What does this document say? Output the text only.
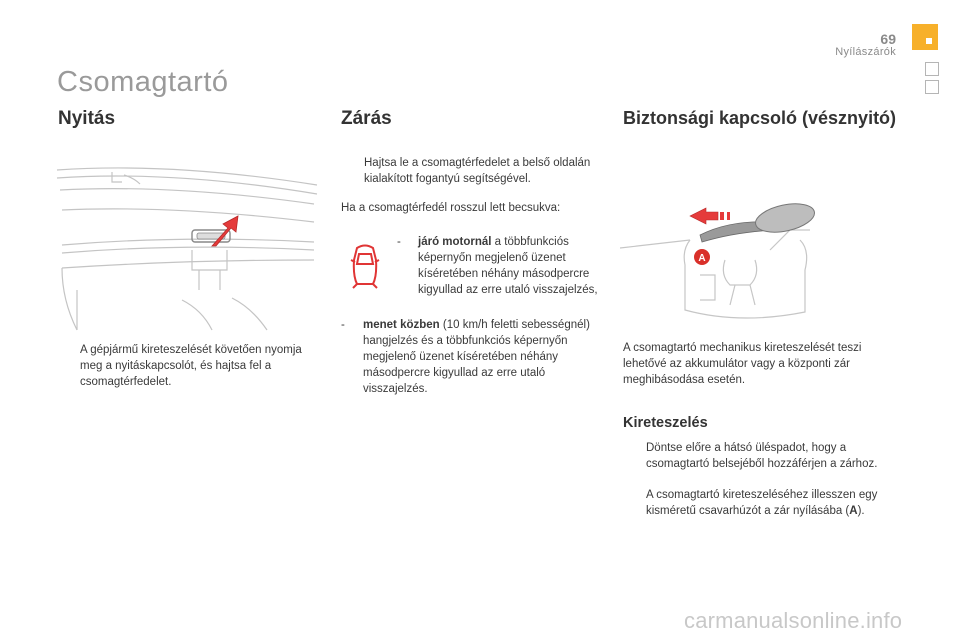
69
Nyílászárók
Csomagtartó
Nyitás
A gépjármű kireteszelését követően nyomja meg a nyitáskapcsolót, és hajtsa fel a csomagtérfedelet.
Zárás
Hajtsa le a csomagtérfedelet a belső oldalán kialakított fogantyú segítségével.
Ha a csomagtérfedél rosszul lett becsukva:
- járó motornál a többfunkciós képernyőn megjelenő üzenet kíséretében néhány másodpercre kigyullad az erre utaló visszajelzés,
- menet közben (10 km/h feletti sebességnél) hangjelzés és a többfunkciós képernyőn megjelenő üzenet kíséretében néhány másodpercre kigyullad az erre utaló visszajelzés.
Biztonsági kapcsoló (vésznyitó)
A
A csomagtartó mechanikus kireteszelését teszi lehetővé az akkumulátor vagy a központi zár meghibásodása esetén.
Kireteszelés
Döntse előre a hátsó üléspadot, hogy a csomagtartó belsejéből hozzáférjen a zárhoz.
A csomagtartó kireteszeléséhez illesszen egy kisméretű csavarhúzót a zár nyílásába (A).
carmanualsonline.info
